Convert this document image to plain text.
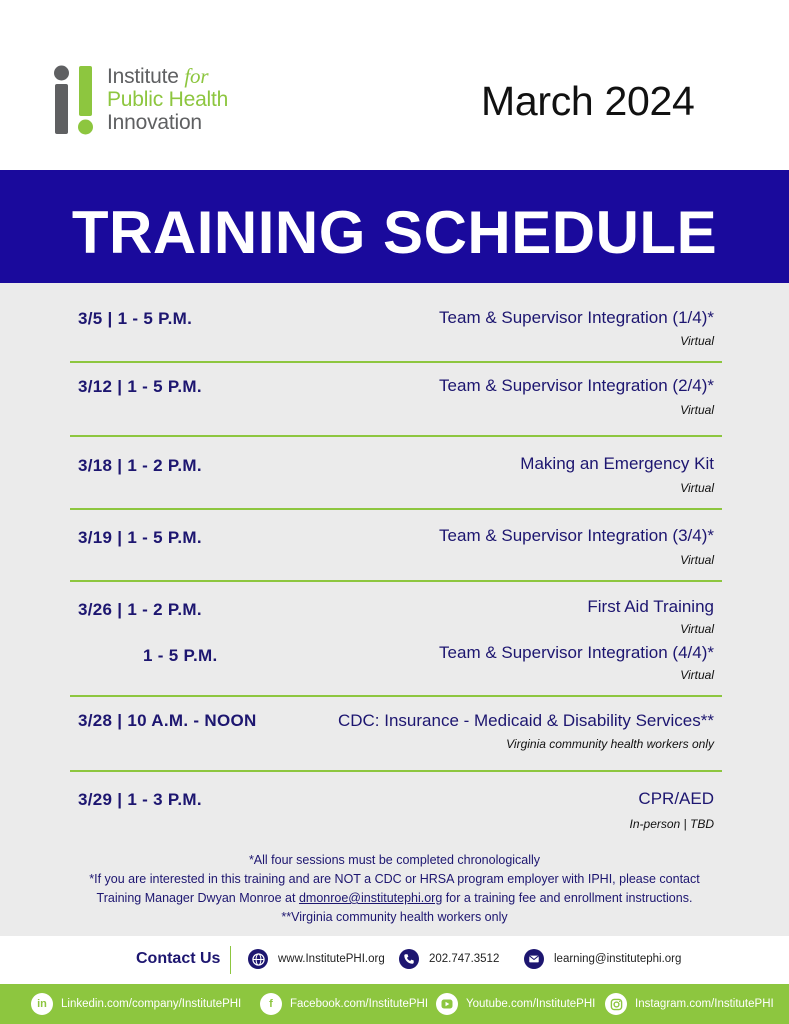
Institute for
Public Health
Innovation	March 2024
TRAINING SCHEDULE
3/5 | 1 - 5 P.M.	Team & Supervisor Integration (1/4)*
Virtual
3/12 | 1 - 5 P.M.	Team & Supervisor Integration (2/4)*
Virtual
3/18 | 1 - 2 P.M.	Making an Emergency Kit
Virtual
3/19 | 1 - 5 P.M.	Team & Supervisor Integration (3/4)*
Virtual
3/26 | 1 - 2 P.M.	First Aid Training
Virtual
1 - 5 P.M.	Team & Supervisor Integration (4/4)*
Virtual
3/28 | 10 A.M. - NOON	CDC: Insurance - Medicaid & Disability Services**
Virginia community health workers only
3/29 | 1 - 3 P.M.	CPR/AED
In-person | TBD
*All four sessions must be completed chronologically
*If you are interested in this training and are NOT a CDC or HRSA program employer with IPHI, please contact
Training Manager Dwyan Monroe at dmonroe@institutephi.org for a training fee and enrollment instructions.
**Virginia community health workers only
Contact Us	www.InstitutePHI.org	202.747.3512	learning@institutephi.org
in	Linkedin.com/company/InstitutePHI	f	Facebook.com/InstitutePHI	Youtube.com/InstitutePHI	Instagram.com/InstitutePHI
